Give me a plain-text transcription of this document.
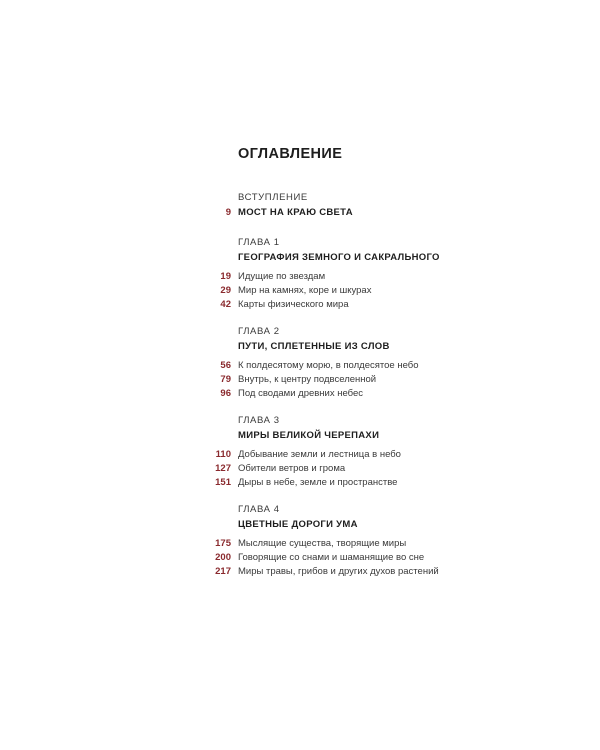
ОГЛАВЛЕНИЕ
ВСТУПЛЕНИЕ
9 МОСТ НА КРАЮ СВЕТА
ГЛАВА 1
ГЕОГРАФИЯ ЗЕМНОГО И САКРАЛЬНОГО
19 Идущие по звездам
29 Мир на камнях, коре и шкурах
42 Карты физического мира
ГЛАВА 2
ПУТИ, СПЛЕТЕННЫЕ ИЗ СЛОВ
56 К полдесятому морю, в полдесятое небо
79 Внутрь, к центру подвселенной
96 Под сводами древних небес
ГЛАВА 3
МИРЫ ВЕЛИКОЙ ЧЕРЕПАХИ
110 Добывание земли и лестница в небо
127 Обители ветров и грома
151 Дыры в небе, земле и пространстве
ГЛАВА 4
ЦВЕТНЫЕ ДОРОГИ УМА
175 Мыслящие существа, творящие миры
200 Говорящие со снами и шаманящие во сне
217 Миры травы, грибов и других духов растений
